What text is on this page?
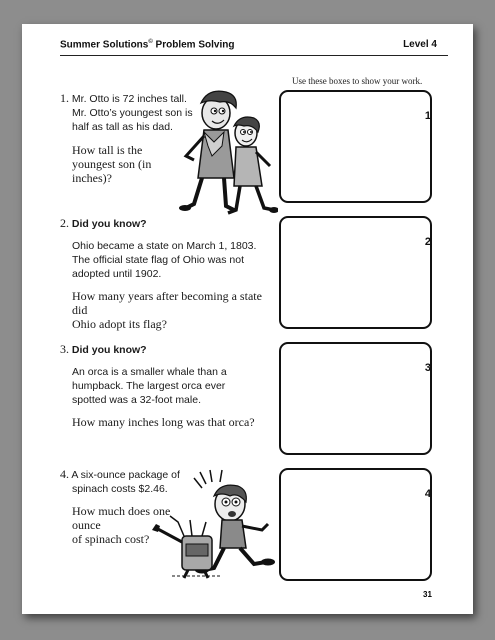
Summer Solutions© Problem Solving	Level 4
Use these boxes to show your work.
1. Mr. Otto is 72 inches tall.
Mr. Otto’s youngest son is
half as tall as his dad.
How tall is the
youngest son (in
inches)?
2. Did you know?
Ohio became a state on March 1, 1803.
The official state flag of Ohio was not
adopted until 1902.
How many years after becoming a state did
Ohio adopt its flag?
3. Did you know?
An orca is a smaller whale than a
humpback. The largest orca ever
spotted was a 32-foot male.
How many inches long was that orca?
4. A six-ounce package of
spinach costs $2.46.
How much does one ounce
of spinach cost?
1
2
3
4
31
